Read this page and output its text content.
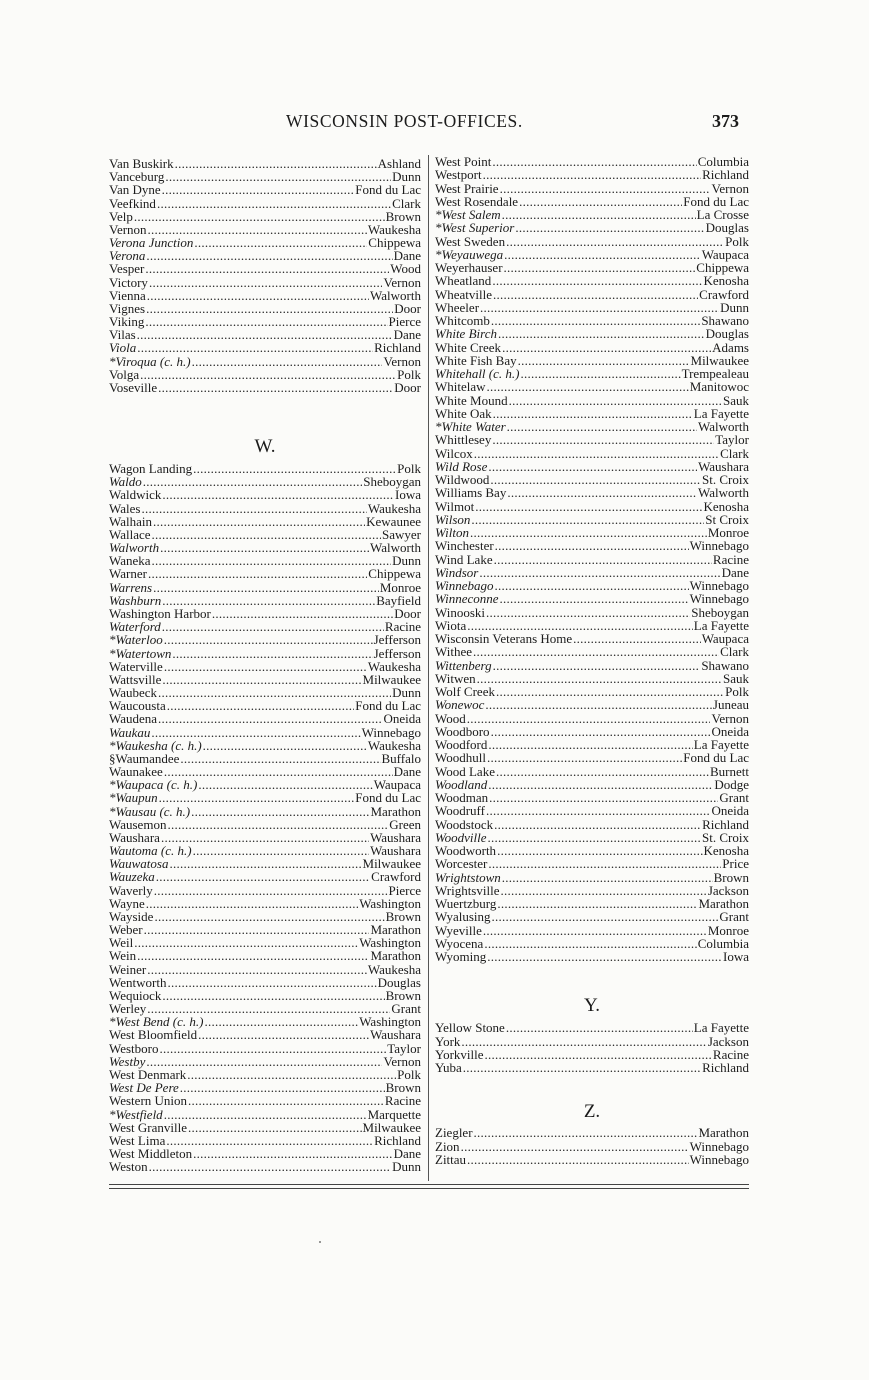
WISCONSIN POST-OFFICES.	373
Van Buskirk . . .	Ashland
Vanceburg . . .	Dunn
Van Dyne . . .	Fond du Lac
Veefkind . . .	Clark
Velp . . .	Brown
Vernon . . .	Waukesha
Verona Junction . . .	Chippewa
Verona . . .	Dane
Vesper . . .	Wood
Victory . . .	Vernon
Vienna . . .	Walworth
Vignes . . .	Door
Viking . . .	Pierce
Vilas . . .	Dane
Viola . . .	Richland
*Viroqua (c. h.) . . .	Vernon
Volga . . .	Polk
Voseville . . .	Door
W.
Wagon Landing . . .	Polk
Waldo . . .	Sheboygan
Waldwick . . .	Iowa
Wales . . .	Waukesha
Walhain . . .	Kewaunee
Wallace . . .	Sawyer
Walworth . . .	Walworth
Waneka . . .	Dunn
Warner . . .	Chippewa
Warrens . . .	Monroe
Washburn . . .	Bayfield
Washington Harbor . . .	Door
Waterford . . .	Racine
*Waterloo . . .	Jefferson
*Watertown . . .	Jefferson
Waterville . . .	Waukesha
Wattsville . . .	Milwaukee
Waubeck . . .	Dunn
Waucousta . . .	Fond du Lac
Waudena . . .	Oneida
Waukau . . .	Winnebago
*Waukesha (c. h.) . . .	Waukesha
§Waumandee . . .	Buffalo
Waunakee . . .	Dane
*Waupaca (c. h.) . . .	Waupaca
*Waupun . . .	Fond du Lac
*Wausau (c. h.) . . .	Marathon
Wausemon . . .	Green
Waushara . . .	Waushara
Wautoma (c. h.) . . .	Waushara
Wauwatosa . . .	Milwaukee
Wauzeka . . .	Crawford
Waverly . . .	Pierce
Wayne . . .	Washington
Wayside . . .	Brown
Weber . . .	Marathon
Weil . . .	Washington
Wein . . .	Marathon
Weiner . . .	Waukesha
Wentworth . . .	Douglas
Wequiock . . .	Brown
Werley . . .	Grant
*West Bend (c. h.) . . .	Washington
West Bloomfield . . .	Waushara
Westboro . . .	Taylor
Westby . . .	Vernon
West Denmark . . .	Polk
West De Pere . . .	Brown
Western Union . . .	Racine
*Westfield . . .	Marquette
West Granville . . .	Milwaukee
West Lima . . .	Richland
West Middleton . . .	Dane
Weston . . .	Dunn
West Point . . .	Columbia
Westport . . .	Richland
West Prairie . . .	Vernon
West Rosendale . . .	Fond du Lac
*West Salem . . .	La Crosse
*West Superior . . .	Douglas
West Sweden . . .	Polk
*Weyauwega . . .	Waupaca
Weyerhauser . . .	Chippewa
Wheatland . . .	Kenosha
Wheatville . . .	Crawford
Wheeler . . .	Dunn
Whitcomb . . .	Shawano
White Birch . . .	Douglas
White Creek . . .	Adams
White Fish Bay . . .	Milwaukee
Whitehall (c. h.) . . .	Trempealeau
Whitelaw . . .	Manitowoc
White Mound . . .	Sauk
White Oak . . .	La Fayette
*White Water . . .	Walworth
Whittlesey . . .	Taylor
Wilcox . . .	Clark
Wild Rose . . .	Waushara
Wildwood . . .	St. Croix
Williams Bay . . .	Walworth
Wilmot . . .	Kenosha
Wilson . . .	St Croix
Wilton . . .	Monroe
Winchester . . .	Winnebago
Wind Lake . . .	Racine
Windsor . . .	Dane
Winnebago . . .	Winnebago
Winneconne . . .	Winnebago
Winooski . . .	Sheboygan
Wiota . . .	La Fayette
Wisconsin Veterans Home . . .	Waupaca
Withee . . .	Clark
Wittenberg . . .	Shawano
Witwen . . .	Sauk
Wolf Creek . . .	Polk
Wonewoc . . .	Juneau
Wood . . .	Vernon
Woodboro . . .	Oneida
Woodford . . .	La Fayette
Woodhull . . .	Fond du Lac
Wood Lake . . .	Burnett
Woodland . . .	Dodge
Woodman . . .	Grant
Woodruff . . .	Oneida
Woodstock . . .	Richland
Woodville . . .	St. Croix
Woodworth . . .	Kenosha
Worcester . . .	Price
Wrightstown . . .	Brown
Wrightsville . . .	Jackson
Wuertzburg . . .	Marathon
Wyalusing . . .	Grant
Wyeville . . .	Monroe
Wyocena . . .	Columbia
Wyoming . . .	Iowa
Y.
Yellow Stone . . .	La Fayette
York . . .	Jackson
Yorkville . . .	Racine
Yuba . . .	Richland
Z.
Ziegler . . .	Marathon
Zion . . .	Winnebago
Zittau . . .	Winnebago
